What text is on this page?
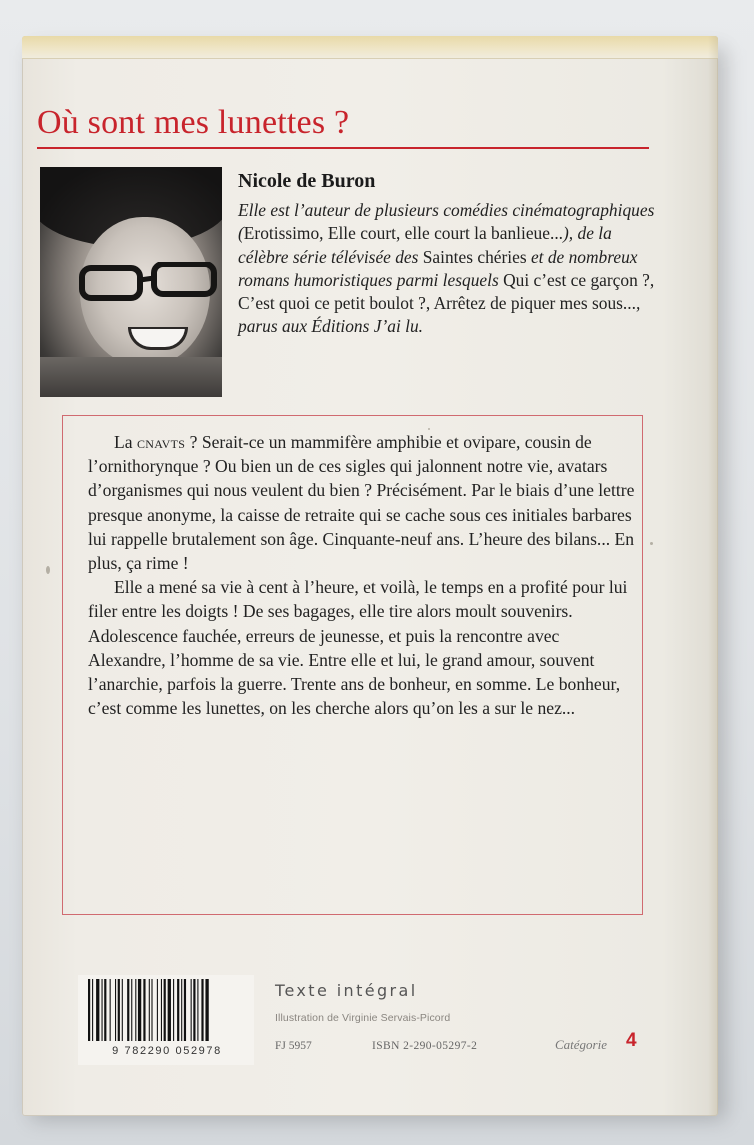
Où sont mes lunettes ?
Nicole de Buron
Elle est l’auteur de plusieurs comédies cinématographiques (Erotissimo, Elle court, elle court la banlieue...), de la célèbre série télévisée des Saintes chéries et de nombreux romans humoristiques parmi lesquels Qui c’est ce garçon ?, C’est quoi ce petit boulot ?, Arrêtez de piquer mes sous..., parus aux Éditions J’ai lu.

La cnavts ? Serait-ce un mammifère amphibie et ovipare, cousin de l’ornithorynque ? Ou bien un de ces sigles qui jalonnent notre vie, avatars d’organismes qui nous veulent du bien ? Précisément. Par le biais d’une lettre presque anonyme, la caisse de retraite qui se cache sous ces initiales barbares lui rappelle brutalement son âge. Cinquante-neuf ans. L’heure des bilans... En plus, ça rime !

Elle a mené sa vie à cent à l’heure, et voilà, le temps en a profité pour lui filer entre les doigts ! De ses bagages, elle tire alors moult souvenirs. Adolescence fauchée, erreurs de jeunesse, et puis la rencontre avec Alexandre, l’homme de sa vie. Entre elle et lui, le grand amour, souvent l’anarchie, parfois la guerre. Trente ans de bonheur, en somme. Le bonheur, c’est comme les lunettes, on les cherche alors qu’on les a sur le nez...

9 782290 052978
Texte intégral
Illustration de Virginie Servais-Picord
FJ 5957	ISBN 2-290-05297-2	Catégorie 4
